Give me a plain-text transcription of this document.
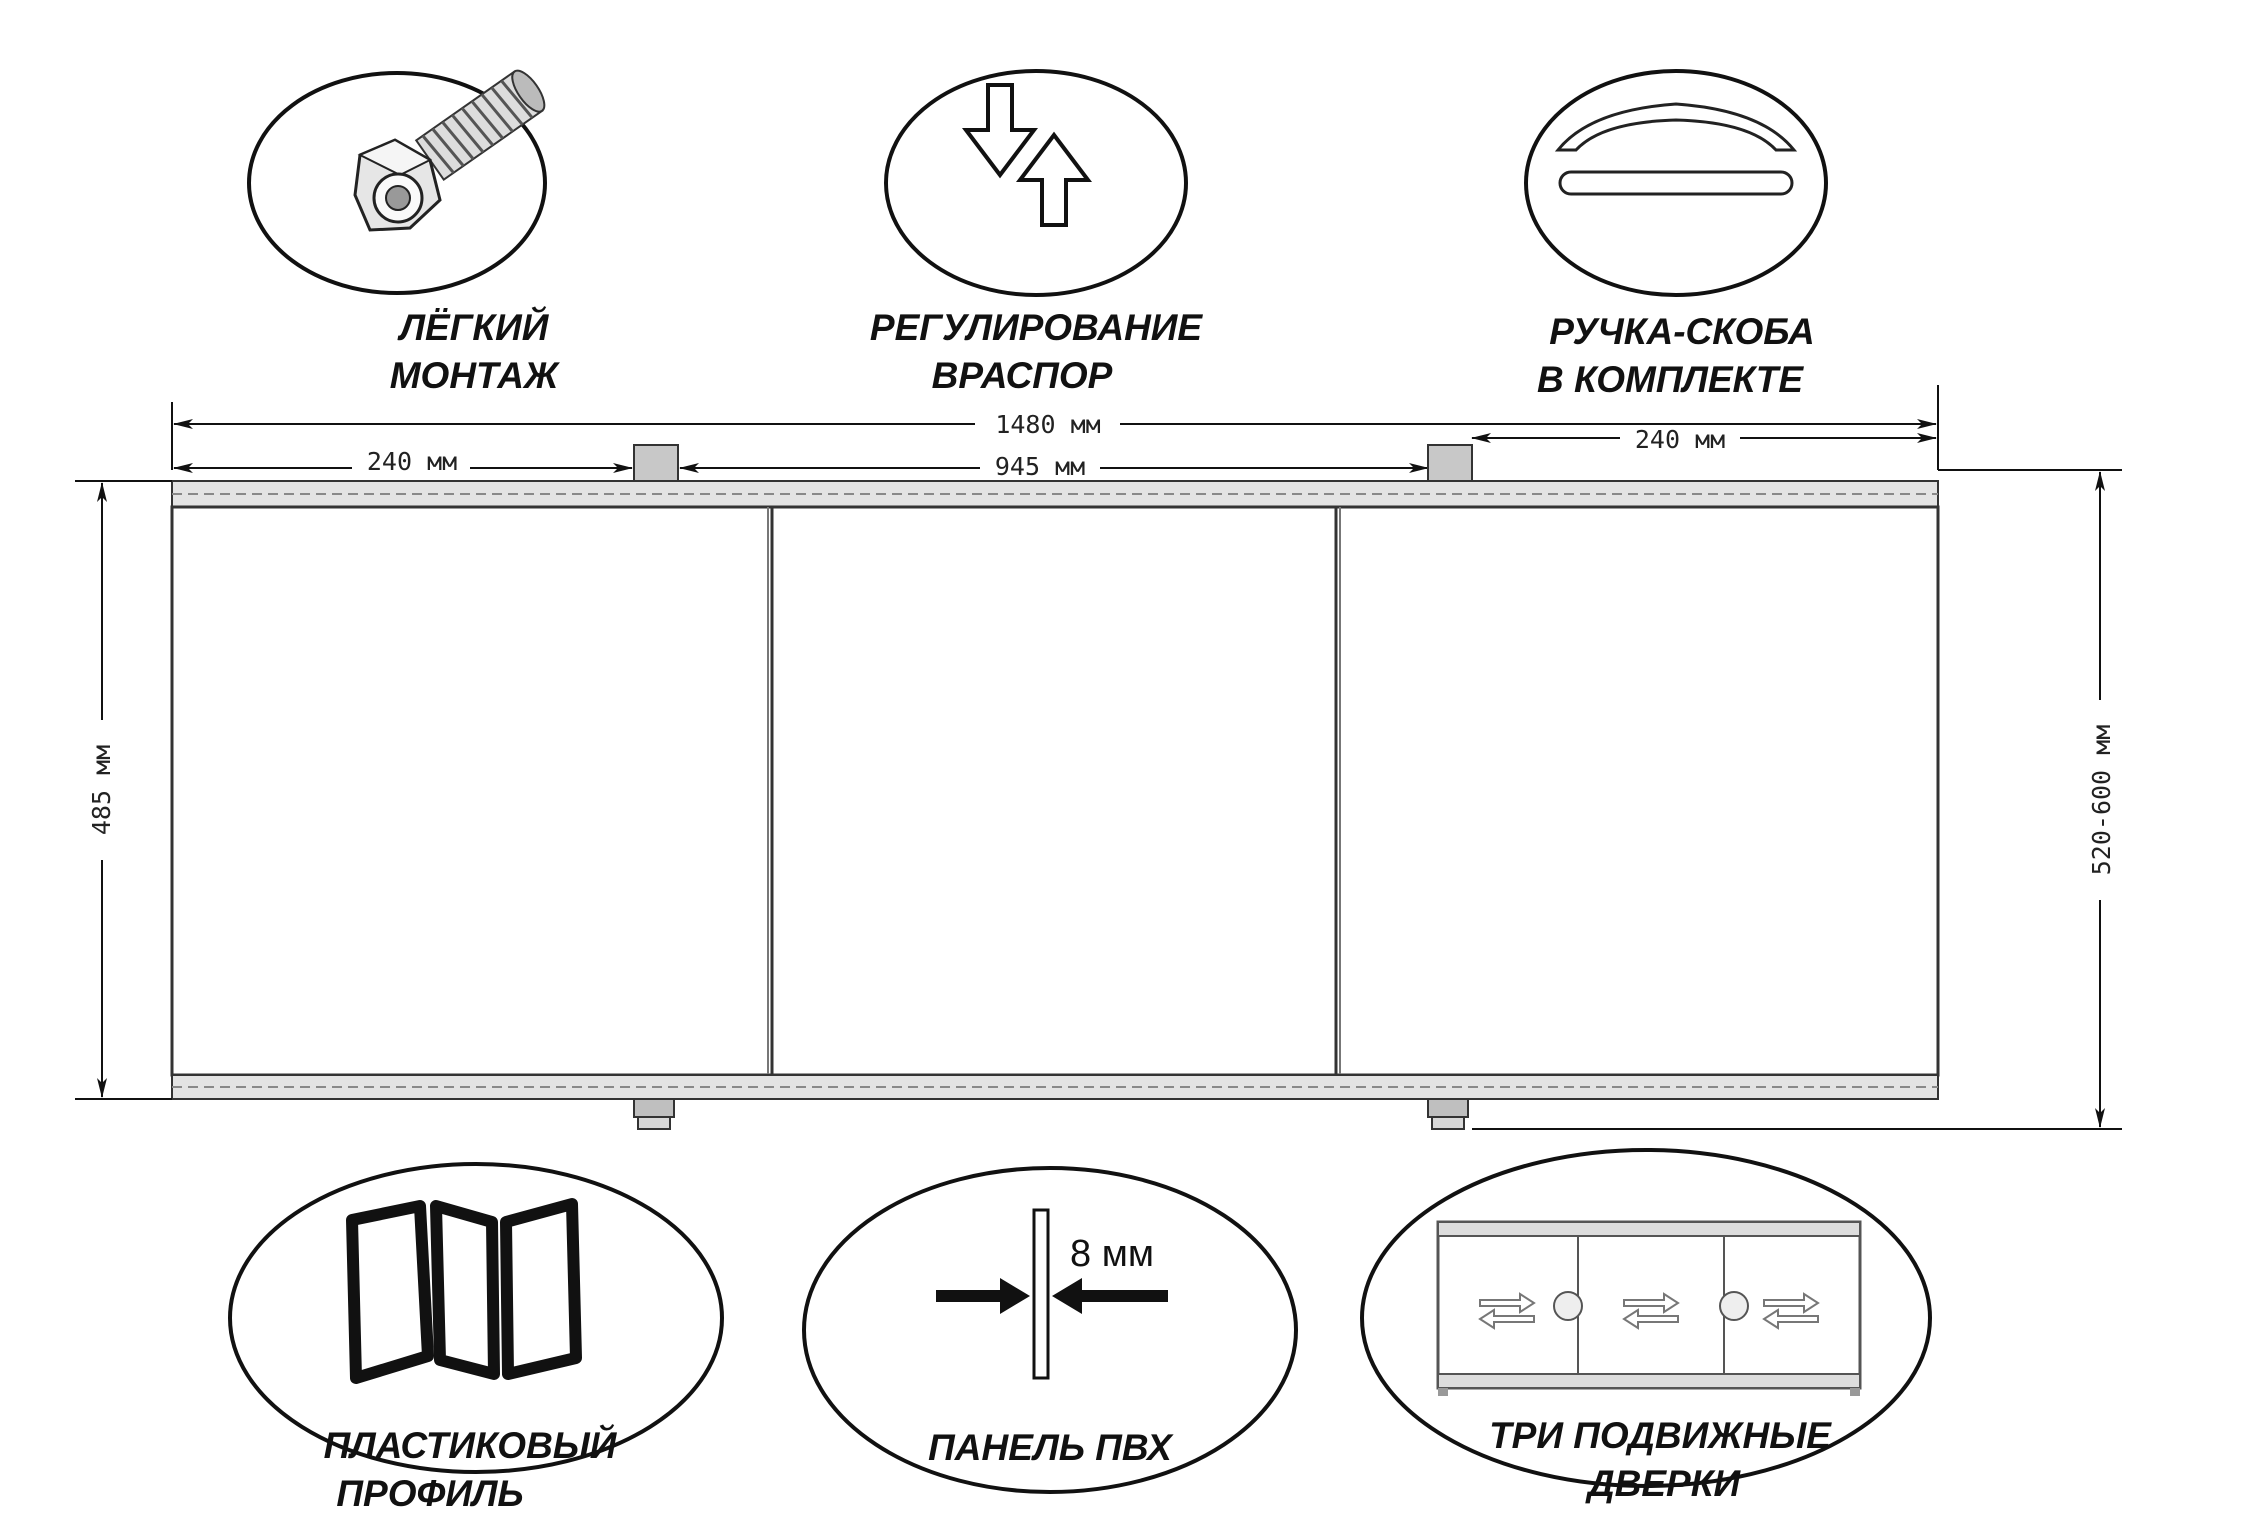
ЛЁГКИЙ
МОНТАЖ
РЕГУЛИРОВАНИЕ
ВРАСПОР
РУЧКА-СКОБА
В КОМПЛЕКТЕ
1480 мм
240 мм
240 мм	945 мм
485 мм	520-600 мм
ПЛАСТИКОВЫЙ
ПРОФИЛЬ
8 мм
ПАНЕЛЬ ПВХ	ТРИ ПОДВИЖНЫЕ
ДВЕРКИ
